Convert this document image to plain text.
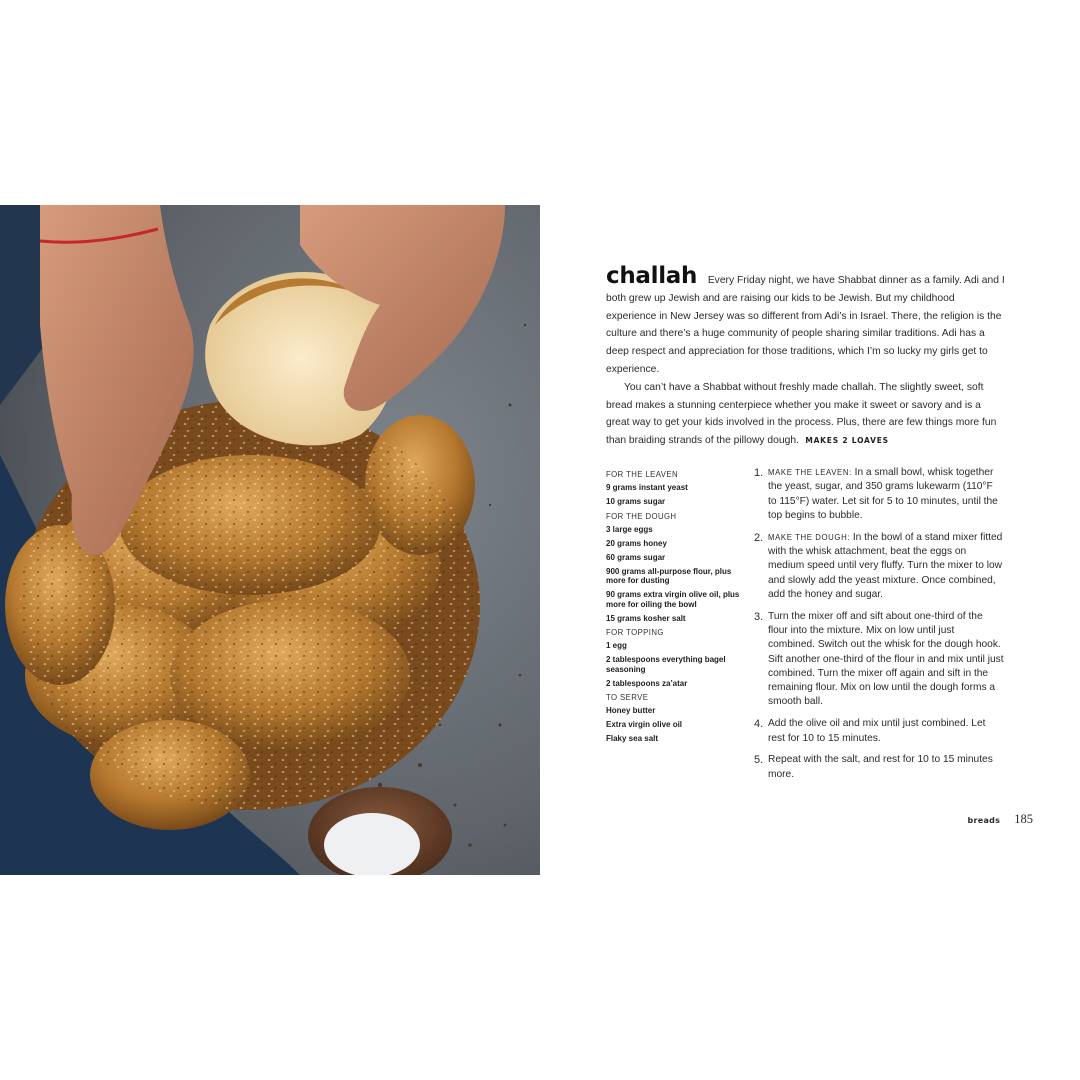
challah Every Friday night, we have Shabbat dinner as a family. Adi and I both grew up Jewish and are raising our kids to be Jewish. But my childhood experience in New Jersey was so different from Adi’s in Israel. There, the religion is the culture and there’s a huge community of people sharing similar traditions. Adi has a deep respect and appreciation for those traditions, which I’m so lucky my girls get to experience.

You can’t have a Shabbat without freshly made challah. The slightly sweet, soft bread makes a stunning centerpiece whether you make it sweet or savory and is a great way to get your kids involved in the process. Plus, there are few things more fun than braiding strands of the pillowy dough. MAKES 2 LOAVES

FOR THE LEAVEN

9 grams instant yeast

10 grams sugar

FOR THE DOUGH

3 large eggs

20 grams honey

60 grams sugar

900 grams all-purpose flour, plus more for dusting

90 grams extra virgin olive oil, plus more for oiling the bowl

15 grams kosher salt

FOR TOPPING

1 egg

2 tablespoons everything bagel seasoning

2 tablespoons za’atar

TO SERVE

Honey butter

Extra virgin olive oil

Flaky sea salt

1. MAKE THE LEAVEN: In a small bowl, whisk together the yeast, sugar, and 350 grams lukewarm (110°F to 115°F) water. Let sit for 5 to 10 minutes, until the top begins to bubble.
2. MAKE THE DOUGH: In the bowl of a stand mixer fitted with the whisk attachment, beat the eggs on medium speed until very fluffy. Turn the mixer to low and slowly add the yeast mixture. Once combined, add the honey and sugar.
3. Turn the mixer off and sift about one-third of the flour into the mixture. Mix on low until just combined. Switch out the whisk for the dough hook. Sift another one-third of the flour in and mix until just combined. Turn the mixer off again and sift in the remaining flour. Mix on low until the dough forms a smooth ball.
4. Add the olive oil and mix until just combined. Let rest for 10 to 15 minutes.
5. Repeat with the salt, and rest for 10 to 15 minutes more.
breads 185
